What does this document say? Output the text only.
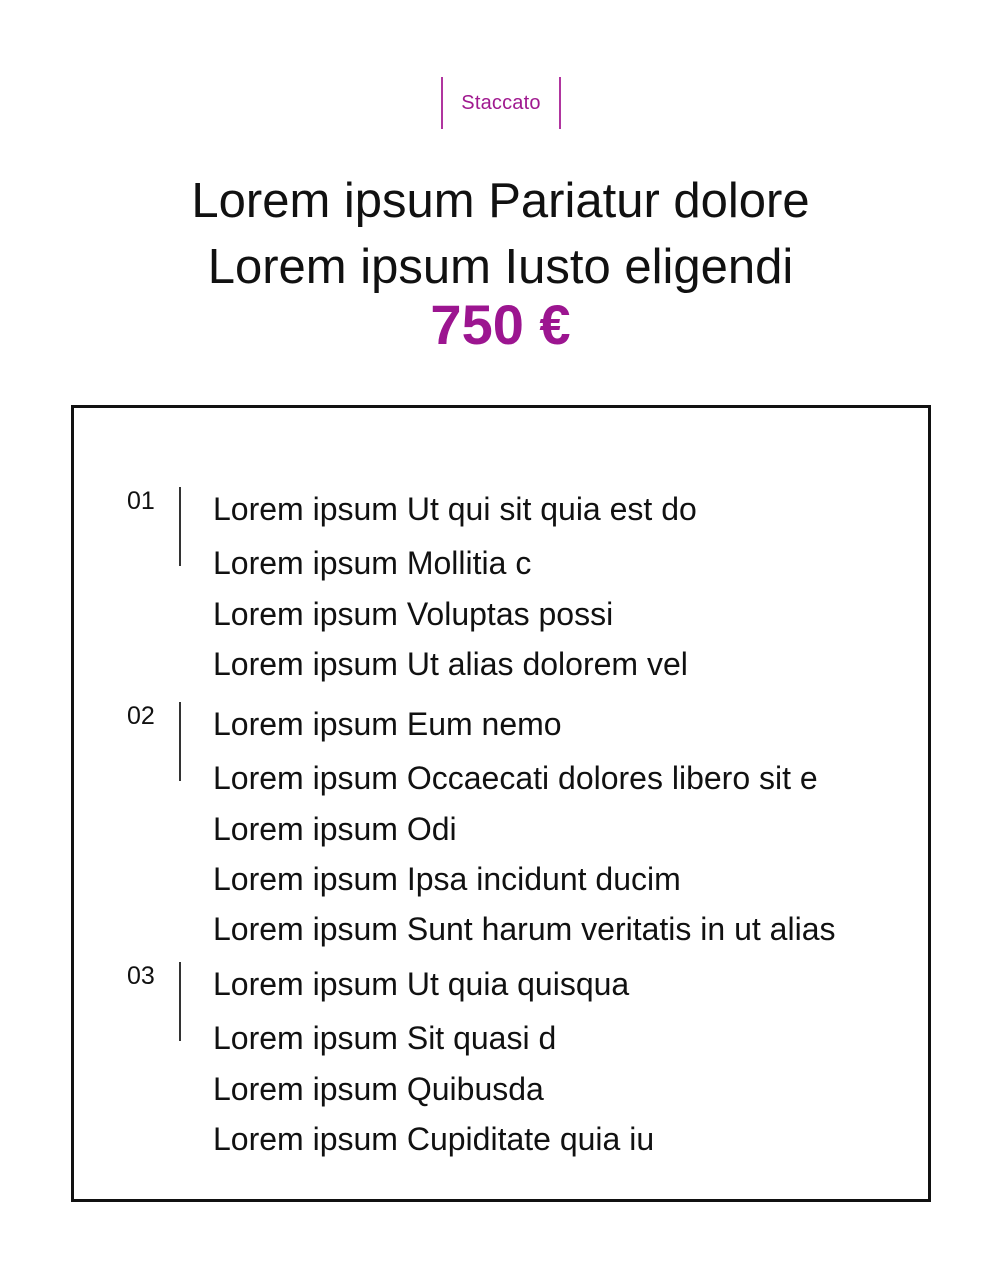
Staccato
Lorem ipsum Pariatur dolore
Lorem ipsum Iusto eligendi
750 €
01 Lorem ipsum Ut qui sit quia est do
Lorem ipsum Mollitia c
Lorem ipsum Voluptas possi
Lorem ipsum Ut alias dolorem vel
02 Lorem ipsum Eum nemo
Lorem ipsum Occaecati dolores libero sit e
Lorem ipsum Odi
Lorem ipsum Ipsa incidunt ducim
Lorem ipsum Sunt harum veritatis in ut alias
03 Lorem ipsum Ut quia quisqua
Lorem ipsum Sit quasi d
Lorem ipsum Quibusda
Lorem ipsum Cupiditate quia iu
